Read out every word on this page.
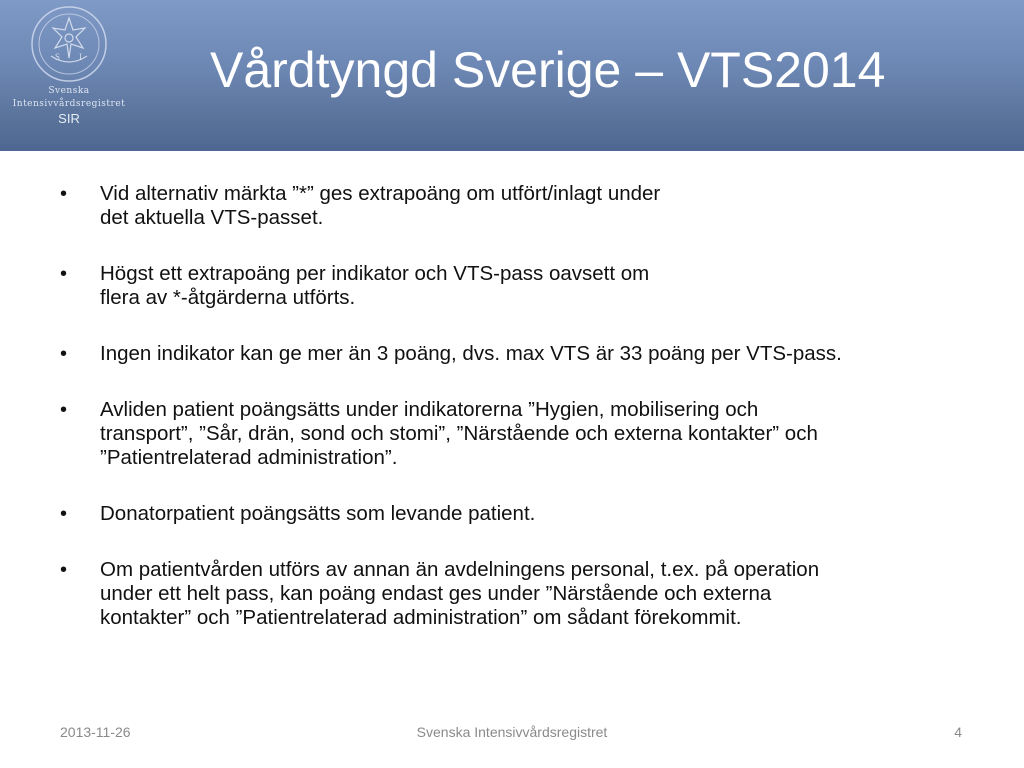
S I
Svenska
Intensivvårdsregistret
SIR
Vårdtyngd Sverige – VTS2014
• Vid alternativ märkta ”*” ges extrapoäng om utfört/inlagt under
det aktuella VTS-passet.
• Högst ett extrapoäng per indikator och VTS-pass oavsett om
flera av *-åtgärderna utförts.
• Ingen indikator kan ge mer än 3 poäng, dvs. max VTS är 33 poäng per VTS-pass.
• Avliden patient poängsätts under indikatorerna ”Hygien, mobilisering och
transport”, ”Sår, drän, sond och stomi”, ”Närstående och externa kontakter” och
”Patientrelaterad administration”.
• Donatorpatient poängsätts som levande patient.
• Om patientvården utförs av annan än avdelningens personal, t.ex. på operation
under ett helt pass, kan poäng endast ges under ”Närstående och externa
kontakter” och ”Patientrelaterad administration” om sådant förekommit.
2013-11-26	Svenska Intensivvårdsregistret	4
